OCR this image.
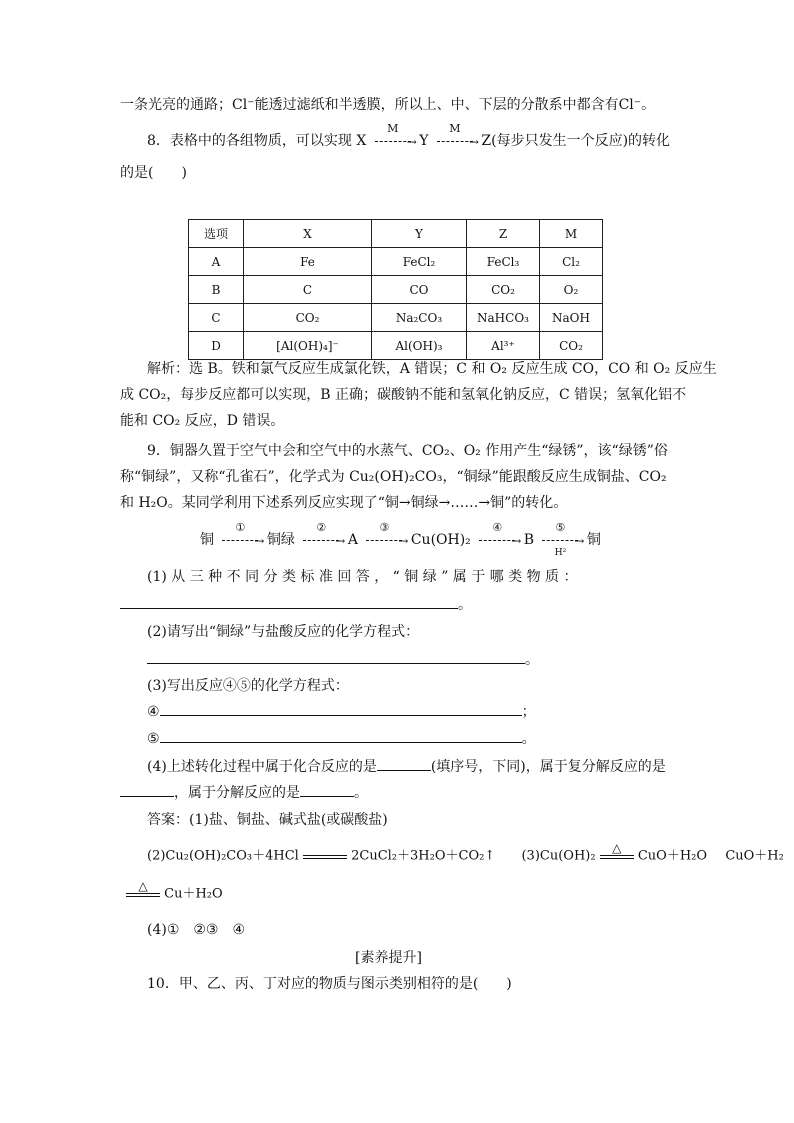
一条光亮的通路；Cl⁻能透过滤纸和半透膜，所以上、中、下层的分散系中都含有Cl⁻。
8．表格中的各组物质，可以实现 X
M
→ Y
M
→ Z(每步只发生一个反应)的转化
的是(　　)
选项	X	Y	Z	M
A	Fe	FeCl₂	FeCl₃	Cl₂
B	C	CO	CO₂	O₂
C	CO₂	Na₂CO₃	NaHCO₃	NaOH
D	[Al(OH)₄]⁻	Al(OH)₃	Al³⁺	CO₂
解析：选 B。铁和氯气反应生成氯化铁，A 错误；C 和 O₂ 反应生成 CO，CO 和 O₂ 反应生
成 CO₂，每步反应都可以实现，B 正确；碳酸钠不能和氢氧化钠反应，C 错误；氢氧化铝不
能和 CO₂ 反应，D 错误。
9．铜器久置于空气中会和空气中的水蒸气、CO₂、O₂ 作用产生“绿锈”，该“绿锈”俗
称“铜绿”，又称“孔雀石”，化学式为 Cu₂(OH)₂CO₃，“铜绿”能跟酸反应生成铜盐、CO₂
和 H₂O。某同学利用下述系列反应实现了“铜→铜绿→……→铜”的转化。
铜
①
→ 铜绿
②
→ A
③
→ Cu(OH)₂
④
→ B
⑤
→
H²
铜
(1) 从 三 种 不 同 分 类 标 准 回 答 ， “ 铜 绿 ” 属 于 哪 类 物 质 ：
。
(2)请写出“铜绿”与盐酸反应的化学方程式：
。
(3)写出反应④⑤的化学方程式：
④	；
⑤	。
(4)上述转化过程中属于化合反应的是	(填序号，下同)，属于复分解反应的是
，属于分解反应的是	。
答案：(1)盐、铜盐、碱式盐(或碳酸盐)
(2)Cu₂(OH)₂CO₃＋4HCl	2CuCl₂＋3H₂O＋CO₂↑ (3)Cu(OH)₂
△
CuO＋H₂O CuO＋H₂
△
Cu＋H₂O
(4)①　②③　④
[素养提升]
10．甲、乙、丙、丁对应的物质与图示类别相符的是(　　)
